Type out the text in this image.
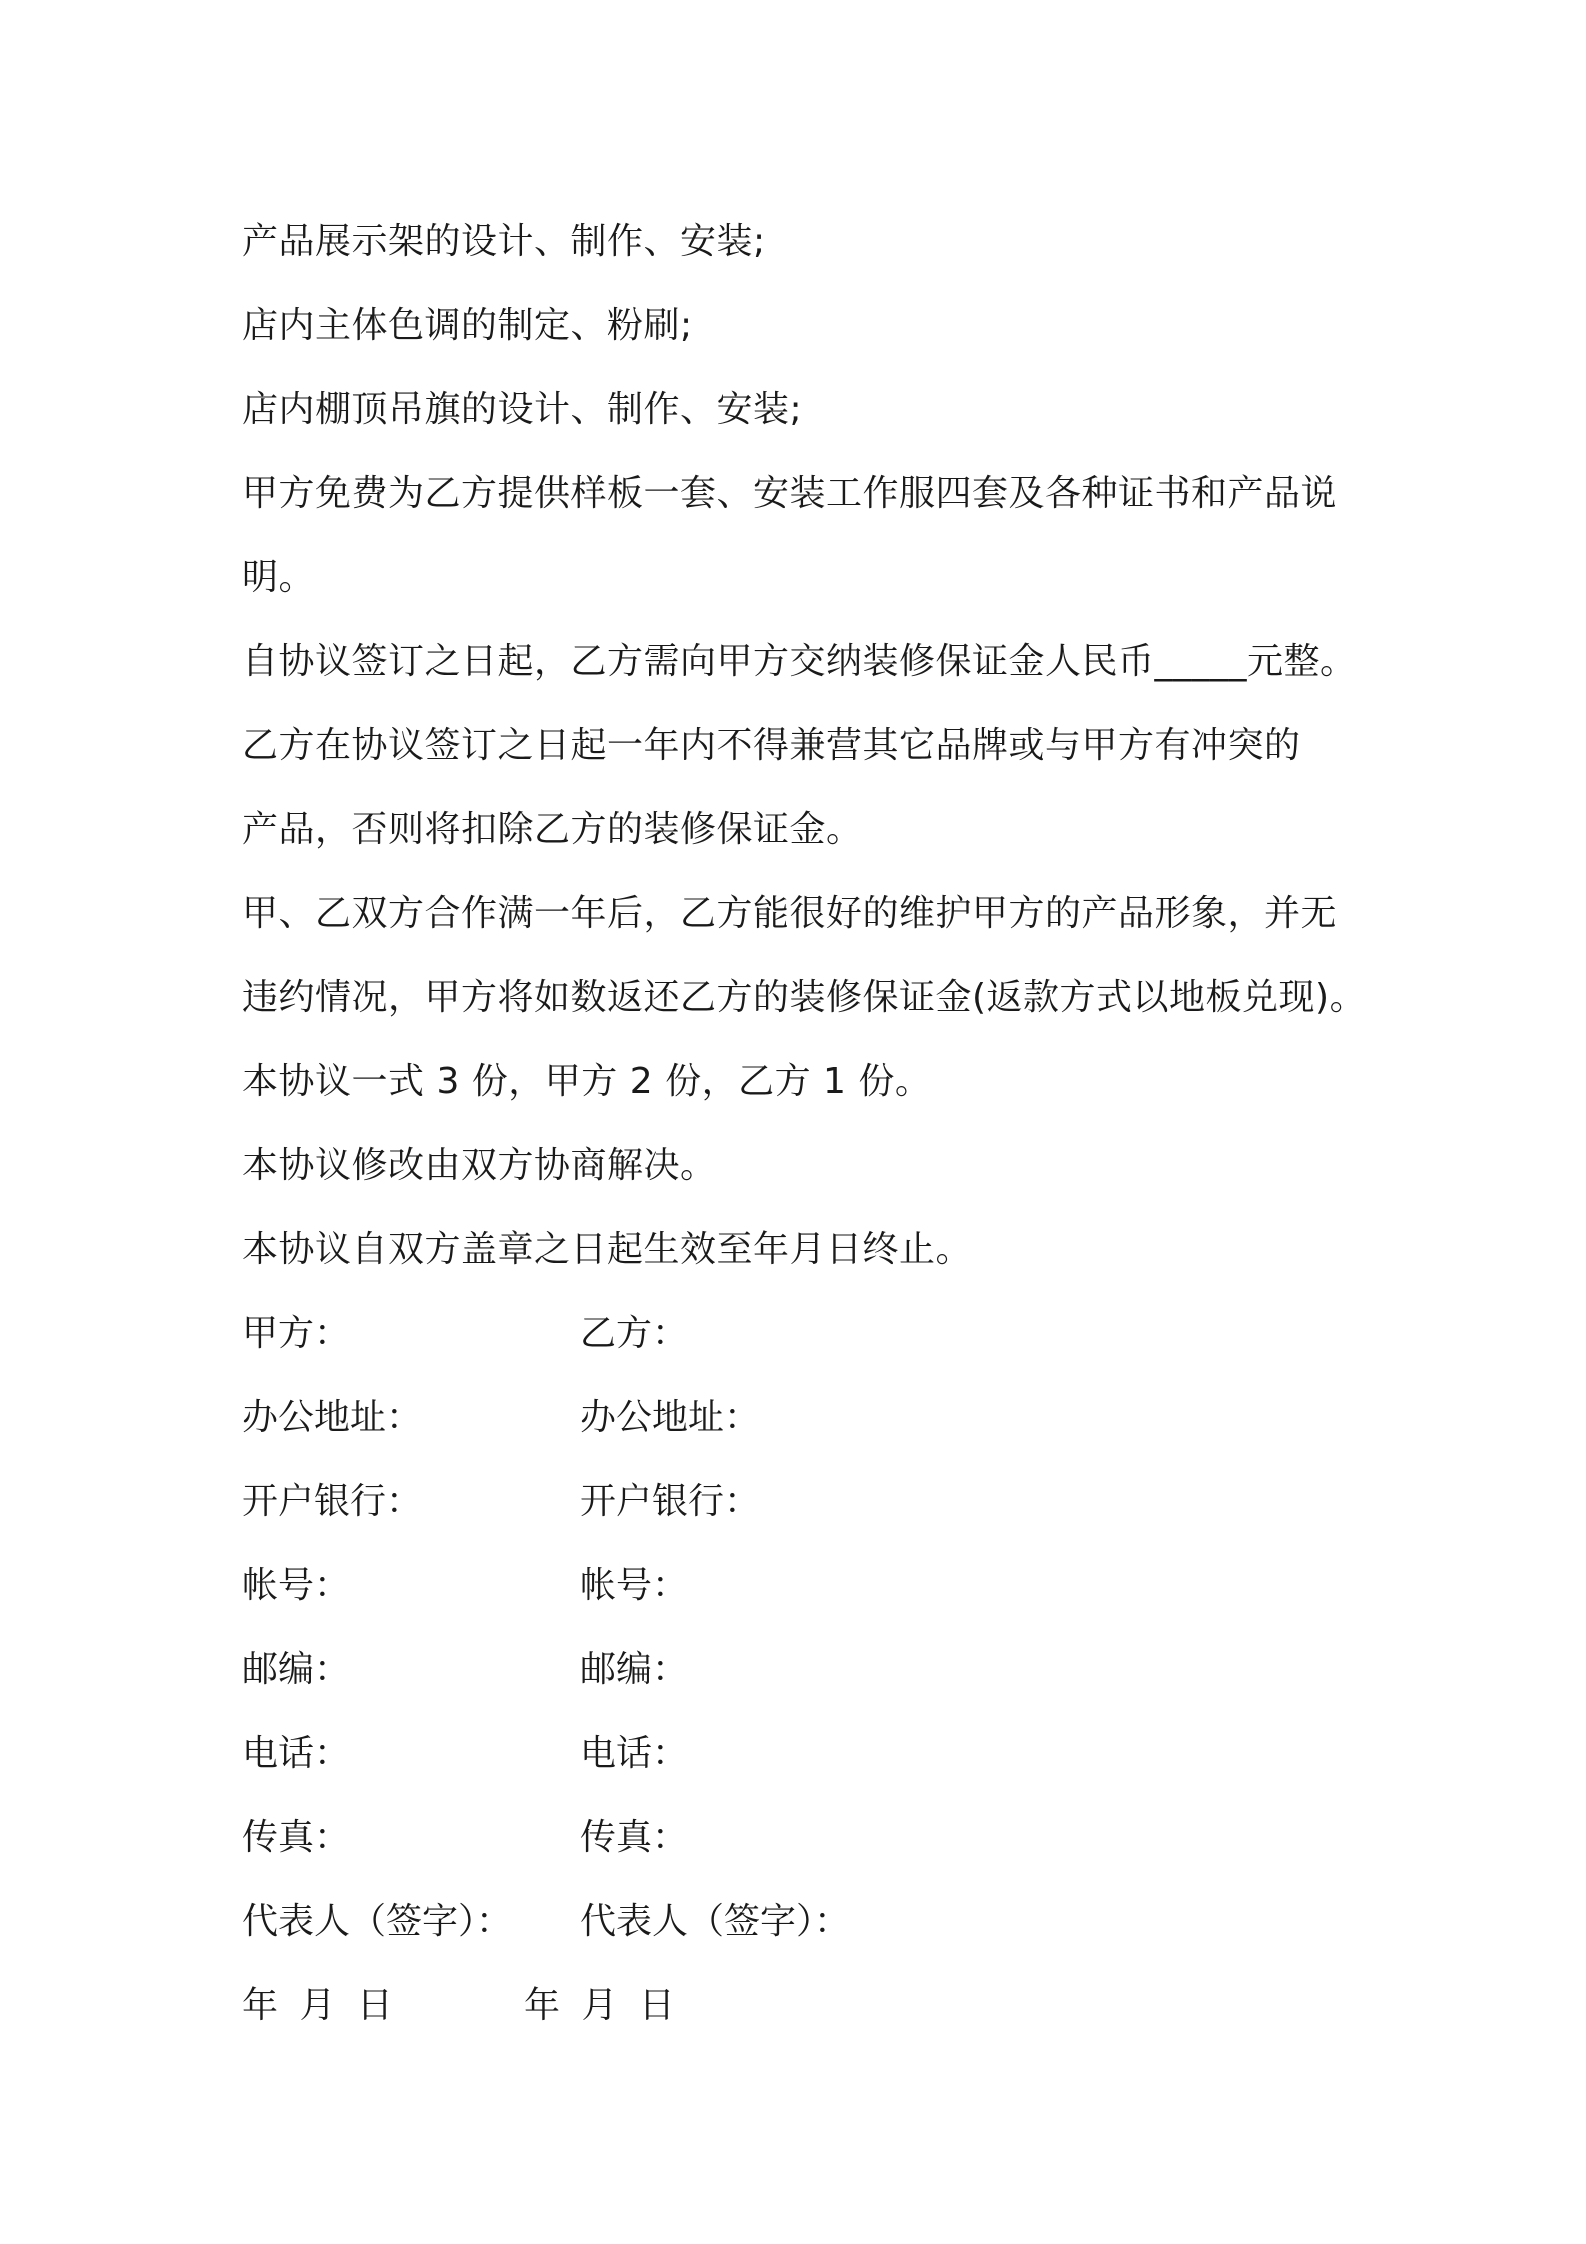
产品展示架的设计、制作、安装;
店内主体色调的制定、粉刷;
店内棚顶吊旗的设计、制作、安装;
甲方免费为乙方提供样板一套、安装工作服四套及各种证书和产品说
明。
自协议签订之日起，乙方需向甲方交纳装修保证金人民币_____元整。
乙方在协议签订之日起一年内不得兼营其它品牌或与甲方有冲突的
产品，否则将扣除乙方的装修保证金。
甲、乙双方合作满一年后，乙方能很好的维护甲方的产品形象，并无
违约情况，甲方将如数返还乙方的装修保证金(返款方式以地板兑现)。
本协议一式 3 份，甲方 2 份，乙方 1 份。
本协议修改由双方协商解决。
本协议自双方盖章之日起生效至年月日终止。
甲方：	乙方：
办公地址：	办公地址：
开户银行：	开户银行：
帐号：	帐号：
邮编：	邮编：
电话：	电话：
传真：	传真：
代表人（签字）： 代表人（签字）：
年 月 日	年 月 日
